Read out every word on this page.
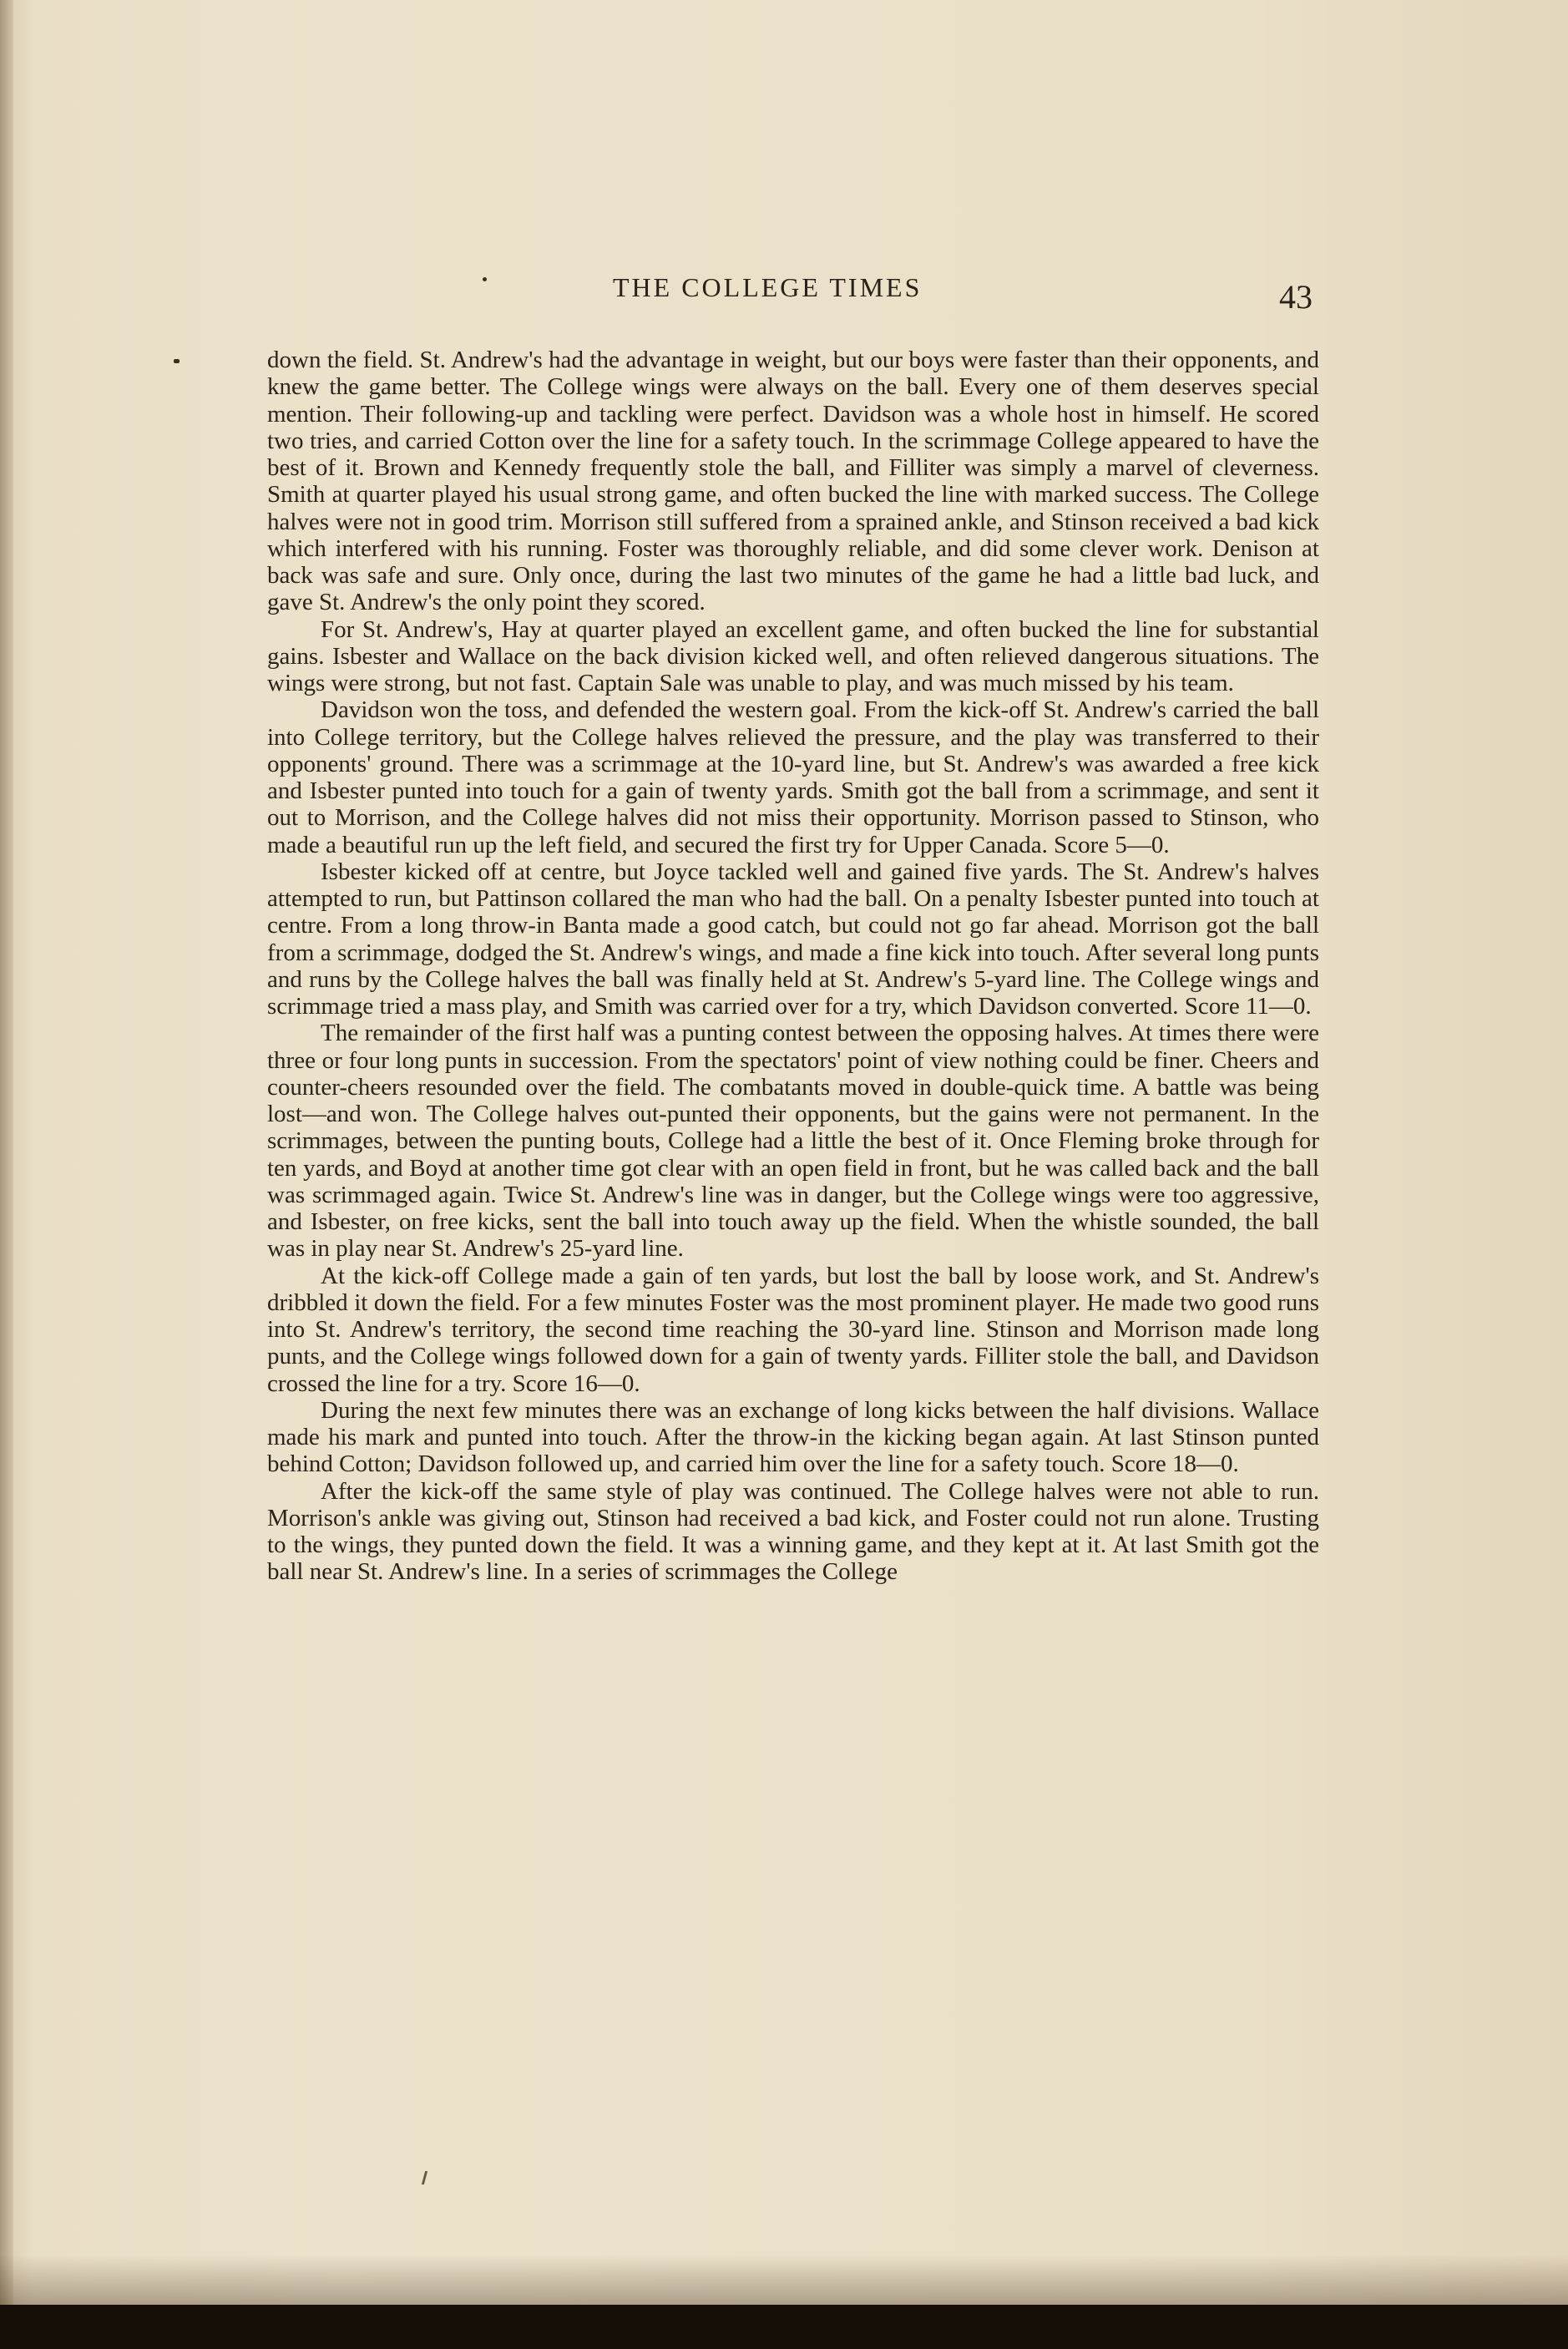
THE COLLEGE TIMES	43

down the field. St. Andrew's had the advantage in weight, but our boys were faster than their opponents, and knew the game better. The College wings were always on the ball. Every one of them deserves special mention. Their following-up and tackling were perfect. Davidson was a whole host in himself. He scored two tries, and carried Cotton over the line for a safety touch. In the scrimmage College appeared to have the best of it. Brown and Kennedy frequently stole the ball, and Filliter was simply a marvel of cleverness. Smith at quarter played his usual strong game, and often bucked the line with marked success. The College halves were not in good trim. Morrison still suffered from a sprained ankle, and Stinson received a bad kick which interfered with his running. Foster was thoroughly reliable, and did some clever work. Denison at back was safe and sure. Only once, during the last two minutes of the game he had a little bad luck, and gave St. Andrew's the only point they scored.

For St. Andrew's, Hay at quarter played an excellent game, and often bucked the line for substantial gains. Isbester and Wallace on the back division kicked well, and often relieved dangerous situations. The wings were strong, but not fast. Captain Sale was unable to play, and was much missed by his team.

Davidson won the toss, and defended the western goal. From the kick-off St. Andrew's carried the ball into College territory, but the College halves relieved the pressure, and the play was transferred to their opponents' ground. There was a scrimmage at the 10-yard line, but St. Andrew's was awarded a free kick and Isbester punted into touch for a gain of twenty yards. Smith got the ball from a scrimmage, and sent it out to Morrison, and the College halves did not miss their opportunity. Morrison passed to Stinson, who made a beautiful run up the left field, and secured the first try for Upper Canada. Score 5—0.

Isbester kicked off at centre, but Joyce tackled well and gained five yards. The St. Andrew's halves attempted to run, but Pattinson collared the man who had the ball. On a penalty Isbester punted into touch at centre. From a long throw-in Banta made a good catch, but could not go far ahead. Morrison got the ball from a scrimmage, dodged the St. Andrew's wings, and made a fine kick into touch. After several long punts and runs by the College halves the ball was finally held at St. Andrew's 5-yard line. The College wings and scrimmage tried a mass play, and Smith was carried over for a try, which Davidson converted. Score 11—0.

The remainder of the first half was a punting contest between the opposing halves. At times there were three or four long punts in succession. From the spectators' point of view nothing could be finer. Cheers and counter-cheers resounded over the field. The combatants moved in double-quick time. A battle was being lost—and won. The College halves out-punted their opponents, but the gains were not permanent. In the scrimmages, between the punting bouts, College had a little the best of it. Once Fleming broke through for ten yards, and Boyd at another time got clear with an open field in front, but he was called back and the ball was scrimmaged again. Twice St. Andrew's line was in danger, but the College wings were too aggressive, and Isbester, on free kicks, sent the ball into touch away up the field. When the whistle sounded, the ball was in play near St. Andrew's 25-yard line.

At the kick-off College made a gain of ten yards, but lost the ball by loose work, and St. Andrew's dribbled it down the field. For a few minutes Foster was the most prominent player. He made two good runs into St. Andrew's territory, the second time reaching the 30-yard line. Stinson and Morrison made long punts, and the College wings followed down for a gain of twenty yards. Filliter stole the ball, and Davidson crossed the line for a try. Score 16—0.

During the next few minutes there was an exchange of long kicks between the half divisions. Wallace made his mark and punted into touch. After the throw-in the kicking began again. At last Stinson punted behind Cotton; Davidson followed up, and carried him over the line for a safety touch. Score 18—0.

After the kick-off the same style of play was continued. The College halves were not able to run. Morrison's ankle was giving out, Stinson had received a bad kick, and Foster could not run alone. Trusting to the wings, they punted down the field. It was a winning game, and they kept at it. At last Smith got the ball near St. Andrew's line. In a series of scrimmages the College
